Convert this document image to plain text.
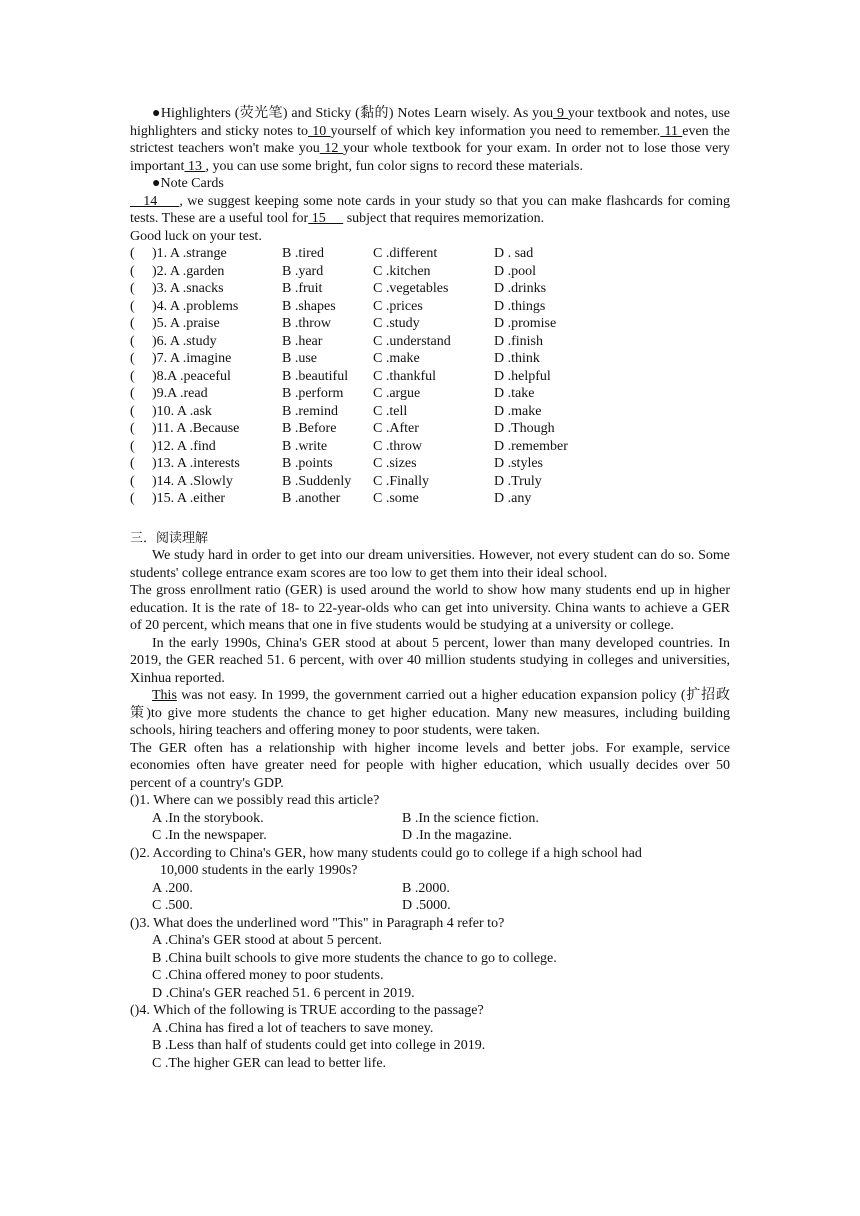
●Highlighters (荧光笔) and Sticky (黏的) Notes Learn wisely. As you 9 your textbook and notes, use highlighters and sticky notes to 10 yourself of which key information you need to remember. 11 even the strictest teachers won't make you 12 your whole textbook for your exam. In order not to lose those very important 13 , you can use some bright, fun color signs to record these materials.

●Note Cards

14     , we suggest keeping some note cards in your study so that you can make flashcards for coming tests. These are a useful tool for 15      subject that requires memorization.

Good luck on your test.

(	)1. A .strange	B .tired	C .different	D . sad
(	)2. A .garden	B .yard	C .kitchen	D .pool
(	)3. A .snacks	B .fruit	C .vegetables	D .drinks
(	)4. A .problems	B .shapes	C .prices	D .things
(	)5. A .praise	B .throw	C .study	D .promise
(	)6. A .study	B .hear	C .understand	D .finish
(	)7. A .imagine	B .use	C .make	D .think
(	)8.A .peaceful	B .beautiful	C .thankful	D .helpful
(	)9.A .read	B .perform	C .argue	D .take
(	)10. A .ask	B .remind	C .tell	D .make
(	)11. A .Because	B .Before	C .After	D .Though
(	)12. A .find	B .write	C .throw	D .remember
(	)13. A .interests	B .points	C .sizes	D .styles
(	)14. A .Slowly	B .Suddenly	C .Finally	D .Truly
(	)15. A .either	B .another	C .some	D .any

三．阅读理解

We study hard in order to get into our dream universities. However, not every student can do so. Some students' college entrance exam scores are too low to get them into their ideal school.

The gross enrollment ratio (GER) is used around the world to show how many students end up in higher education. It is the rate of 18- to 22-year-olds who can get into university. China wants to achieve a GER of 20 percent, which means that one in five students would be studying at a university or college.

In the early 1990s, China's GER stood at about 5 percent, lower than many developed countries. In 2019, the GER reached 51. 6 percent, with over 40 million students studying in colleges and universities, Xinhua reported.

This was not easy. In 1999, the government carried out a higher education expansion policy (扩招政策)to give more students the chance to get higher education. Many new measures, including building schools, hiring teachers and offering money to poor students, were taken.

The GER often has a relationship with higher income levels and better jobs. For example, service economies often have greater need for people with higher education, which usually decides over 50 percent of a country's GDP.

()1. Where can we possibly read this article?
A .In the storybook.	B .In the science fiction.
C .In the newspaper.	D .In the magazine.
()2. According to China's GER, how many students could go to college if a high school had
10,000 students in the early 1990s?
A .200.	B .2000.
C .500.	D .5000.
()3. What does the underlined word "This" in Paragraph 4 refer to?
A .China's GER stood at about 5 percent.
B .China built schools to give more students the chance to go to college.
C .China offered money to poor students.
D .China's GER reached 51. 6 percent in 2019.
()4. Which of the following is TRUE according to the passage?
A .China has fired a lot of teachers to save money.
B .Less than half of students could get into college in 2019.
C .The higher GER can lead to better life.
